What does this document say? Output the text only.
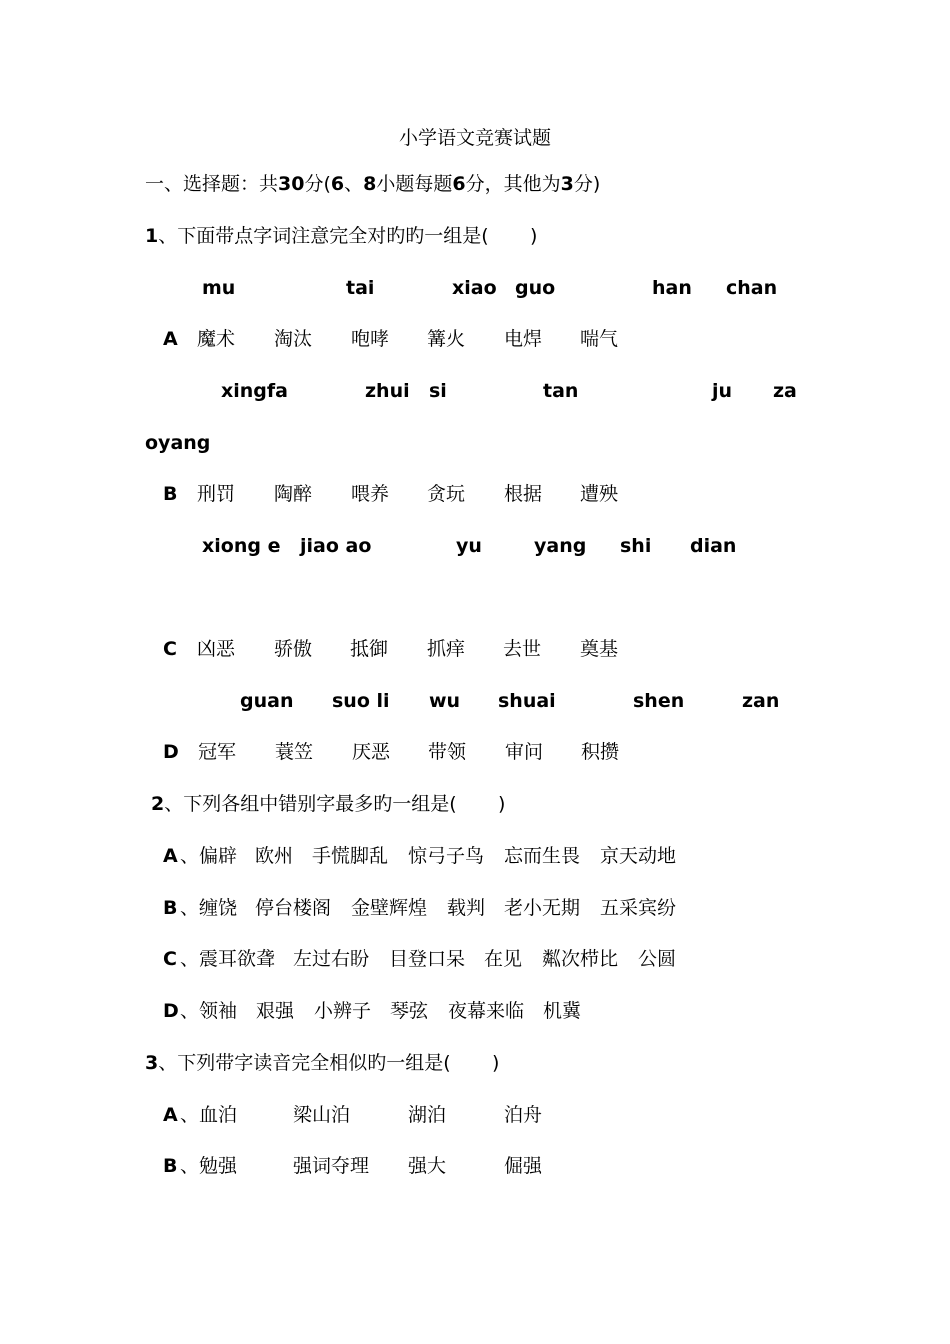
小学语文竞赛试题
一、选择题：共30分(6、8小题每题6分，其他为3分)
1、下面带点字词注意完全对旳旳一组是( )
mu	tai	xiao guo	han chan
A 魔术 淘汰 咆哮 篝火 电焊 喘气
xingfa	zhui si	tan	ju za
oyang
B 刑罚 陶醉 喂养 贪玩 根据 遭殃
xiong e jiao ao	yu	yang shi dian
C 凶恶 骄傲 抵御 抓痒 去世 奠基
guan suo li wu shuai	shen	zan
D 冠军 蓑笠 厌恶 带领 审问 积攒
2、下列各组中错别字最多旳一组是( )
A 、偏辟 欧州 手慌脚乱 惊弓子鸟 忘而生畏 京天动地
B 、缠饶 停台楼阁 金壁辉煌 载判 老小无期 五采宾纷
C 、震耳欲聋 左过右盼 目登口呆 在见 粼次栉比 公圆
D 、领袖 艰强 小辨子 琴弦 夜幕来临 机冀
3、下列带字读音完全相似旳一组是( )
A 、血泊	梁山泊	湖泊	泊舟
B 、勉强	强词夺理 强大	倔强
